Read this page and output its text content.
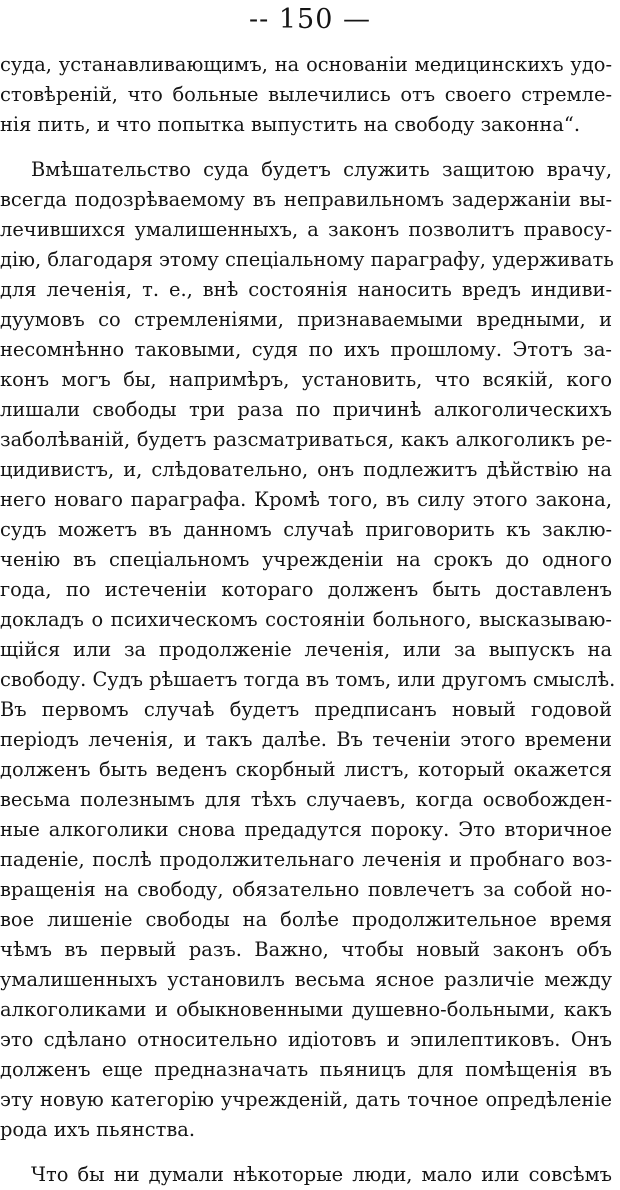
-- 150 —
суда, устанавливающимъ, на основаніи медицинскихъ удо-
стовѣреній, что больные вылечились отъ своего стремле-
нія пить, и что попытка выпустить на свободу законна“.
Вмѣшательство суда будетъ служить защитою врачу,
всегда подозрѣваемому въ неправильномъ задержаніи вы-
лечившихся умалишенныхъ, а законъ позволитъ правосу-
дію, благодаря этому спеціальному параграфу, удерживать
для леченія, т. е., внѣ состоянія наносить вредъ индиви-
дуумовъ со стремленіями, признаваемыми вредными, и
несомнѣнно таковыми, судя по ихъ прошлому. Этотъ за-
конъ могъ бы, напримѣръ, установить, что всякій, кого
лишали свободы три раза по причинѣ алкоголическихъ
заболѣваній, будетъ разсматриваться, какъ алкоголикъ ре-
цидивистъ, и, слѣдовательно, онъ подлежитъ дѣйствію на
него новаго параграфа. Кромѣ того, въ силу этого закона,
судъ можетъ въ данномъ случаѣ приговорить къ заклю-
ченію въ спеціальномъ учрежденіи на срокъ до одного
года, по истеченіи котораго долженъ быть доставленъ
докладъ о психическомъ состояніи больного, высказываю-
щійся или за продолженіе леченія, или за выпускъ на
свободу. Судъ рѣшаетъ тогда въ томъ, или другомъ смыслѣ.
Въ первомъ случаѣ будетъ предписанъ новый годовой
періодъ леченія, и такъ далѣе. Въ теченіи этого времени
долженъ быть веденъ скорбный листъ, который окажется
весьма полезнымъ для тѣхъ случаевъ, когда освобожден-
ные алкоголики снова предадутся пороку. Это вторичное
паденіе, послѣ продолжительнаго леченія и пробнаго воз-
вращенія на свободу, обязательно повлечетъ за собой но-
вое лишеніе свободы на болѣе продолжительное время
чѣмъ въ первый разъ. Важно, чтобы новый законъ объ
умалишенныхъ установилъ весьма ясное различіе между
алкоголиками и обыкновенными душевно-больными, какъ
это сдѣлано относительно идіотовъ и эпилептиковъ. Онъ
долженъ еще предназначать пьяницъ для помѣщенія въ
эту новую категорію учрежденій, дать точное опредѣленіе
рода ихъ пьянства.
Что бы ни думали нѣкоторые люди, мало или совсѣмъ
